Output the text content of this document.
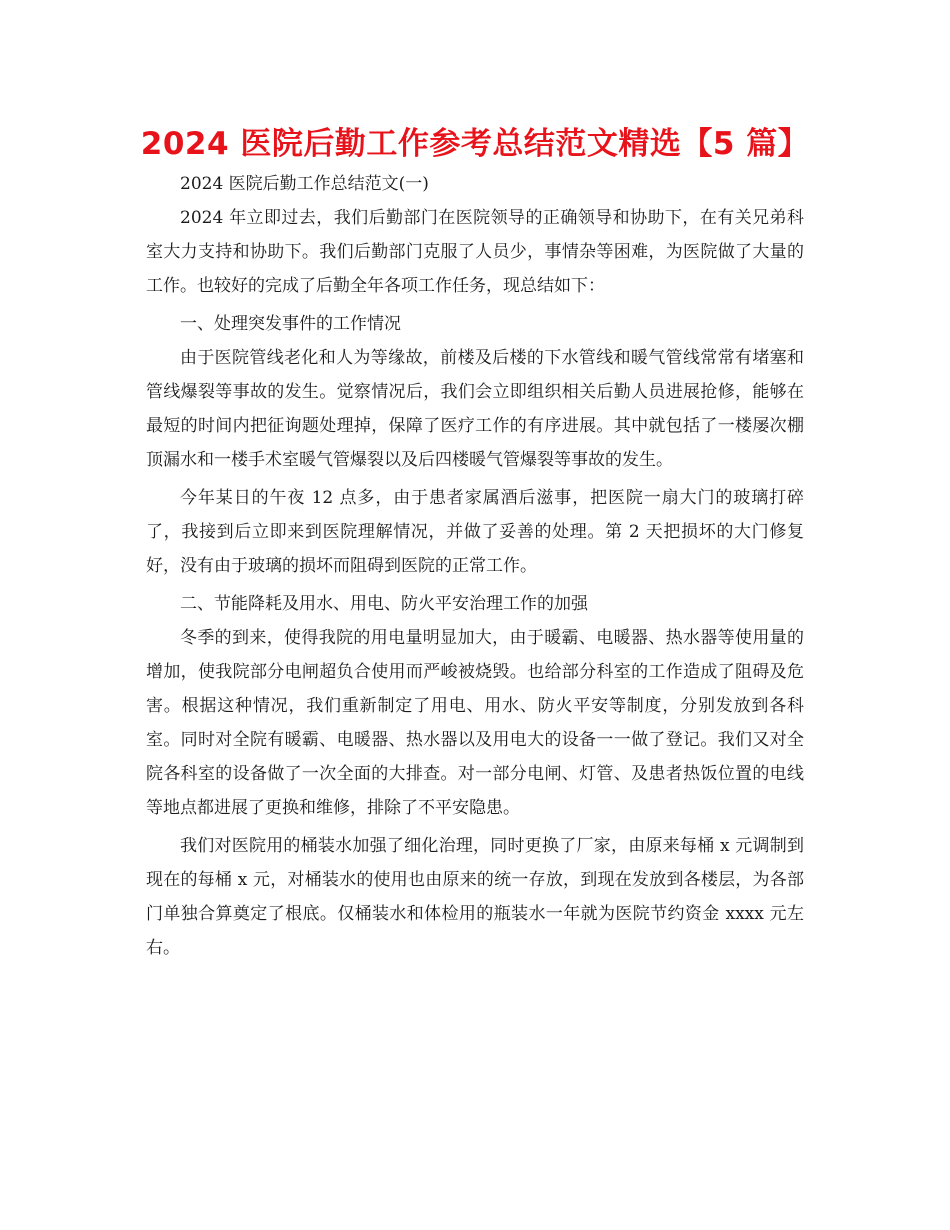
2024 医院后勤工作参考总结范文精选【5 篇】

2024 医院后勤工作总结范文(一)

2024 年立即过去，我们后勤部门在医院领导的正确领导和协助下，在有关兄弟科室大力支持和协助下。我们后勤部门克服了人员少，事情杂等困难，为医院做了大量的工作。也较好的完成了后勤全年各项工作任务，现总结如下：

一、处理突发事件的工作情况

由于医院管线老化和人为等缘故，前楼及后楼的下水管线和暖气管线常常有堵塞和管线爆裂等事故的发生。觉察情况后，我们会立即组织相关后勤人员进展抢修，能够在最短的时间内把征询题处理掉，保障了医疗工作的有序进展。其中就包括了一楼屡次棚顶漏水和一楼手术室暖气管爆裂以及后四楼暖气管爆裂等事故的发生。

今年某日的午夜 12 点多，由于患者家属酒后滋事，把医院一扇大门的玻璃打碎了，我接到后立即来到医院理解情况，并做了妥善的处理。第 2 天把损坏的大门修复好，没有由于玻璃的损坏而阻碍到医院的正常工作。

二、节能降耗及用水、用电、防火平安治理工作的加强

冬季的到来，使得我院的用电量明显加大，由于暖霸、电暖器、热水器等使用量的增加，使我院部分电闸超负合使用而严峻被烧毁。也给部分科室的工作造成了阻碍及危害。根据这种情况，我们重新制定了用电、用水、防火平安等制度，分别发放到各科室。同时对全院有暖霸、电暖器、热水器以及用电大的设备一一做了登记。我们又对全院各科室的设备做了一次全面的大排查。对一部分电闸、灯管、及患者热饭位置的电线等地点都进展了更换和维修，排除了不平安隐患。

我们对医院用的桶装水加强了细化治理，同时更换了厂家，由原来每桶 x 元调制到现在的每桶 x 元，对桶装水的使用也由原来的统一存放，到现在发放到各楼层，为各部门单独合算奠定了根底。仅桶装水和体检用的瓶装水一年就为医院节约资金 xxxx 元左右。
